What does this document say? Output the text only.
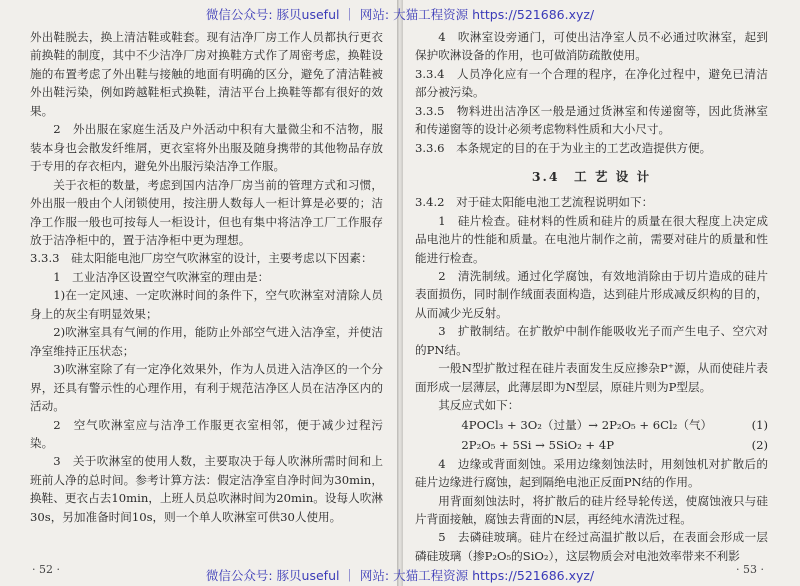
微信公众号: 豚贝useful ｜ 网站: 大猫工程资源 https://521686.xyz/

外出鞋脱去，换上清洁鞋或鞋套。现有洁净厂房工作人员都执行更衣前换鞋的制度，其中不少洁净厂房对换鞋方式作了周密考虑，换鞋设施的布置考虑了外出鞋与接触的地面有明确的区分，避免了清洁鞋被外出鞋污染，例如跨越鞋柜式换鞋，清洁平台上换鞋等都有很好的效果。

2　外出服在家庭生活及户外活动中积有大量微尘和不洁物，服装本身也会散发纤维屑，更衣室将外出服及随身携带的其他物品存放于专用的存衣柜内，避免外出服污染洁净工作服。

关于衣柜的数量，考虑到国内洁净厂房当前的管理方式和习惯，外出服一般由个人闭锁使用，按注册人数每人一柜计算是必要的；洁净工作服一般也可按每人一柜设计，但也有集中将洁净工厂工作服存放于洁净柜中的，置于洁净柜中更为理想。

3.3.3　硅太阳能电池厂房空气吹淋室的设计，主要考虑以下因素：

1　工业洁净区设置空气吹淋室的理由是：

1)在一定风速、一定吹淋时间的条件下，空气吹淋室对清除人员身上的灰尘有明显效果；

2)吹淋室具有气闸的作用，能防止外部空气进入洁净室，并使洁净室维持正压状态；

3)吹淋室除了有一定净化效果外，作为人员进入洁净区的一个分界，还具有警示性的心理作用，有利于规范洁净区人员在洁净区内的活动。

2　空气吹淋室应与洁净工作服更衣室相邻，便于减少过程污染。

3　关于吹淋室的使用人数，主要取决于每人吹淋所需时间和上班前人净的总时间。参考计算方法：假定洁净室自净时间为30min，换鞋、更衣占去10min，上班人员总吹淋时间为20min。设每人吹淋30s，另加准备时间10s，则一个单人吹淋室可供30人使用。

· 52 ·

4　吹淋室设旁通门，可使出洁净室人员不必通过吹淋室，起到保护吹淋设备的作用，也可做消防疏散使用。

3.3.4　人员净化应有一个合理的程序，在净化过程中，避免已清洁部分被污染。

3.3.5　物料进出洁净区一般是通过货淋室和传递窗等，因此货淋室和传递窗等的设计必须考虑物料性质和大小尺寸。

3.3.6　本条规定的目的在于为业主的工艺改造提供方便。

3.4　工 艺 设 计

3.4.2　对于硅太阳能电池工艺流程说明如下：

1　硅片检查。硅材料的性质和硅片的质量在很大程度上决定成品电池片的性能和质量。在电池片制作之前，需要对硅片的质量和性能进行检查。

2　清洗制绒。通过化学腐蚀，有效地消除由于切片造成的硅片表面损伤，同时制作绒面表面构造，达到硅片形成减反织构的目的，从而减少光反射。

3　扩散制结。在扩散炉中制作能吸收光子而产生电子、空穴对的PN结。

一般N型扩散过程在硅片表面发生反应掺杂P⁺源，从而使硅片表面形成一层薄层，此薄层即为N型层，原硅片则为P型层。

其反应式如下：

4POCl₃ + 3O₂（过量）→ 2P₂O₅ + 6Cl₂（气）	(1)
2P₂O₅ + 5Si → 5SiO₂ + 4P	(2)

4　边缘或背面刻蚀。采用边缘刻蚀法时，用刻蚀机对扩散后的硅片边缘进行腐蚀，起到隔绝电池正反面PN结的作用。

用背面刻蚀法时，将扩散后的硅片经导轮传送，使腐蚀液只与硅片背面接触，腐蚀去背面的N层，再经纯水清洗过程。

5　去磷硅玻璃。硅片在经过高温扩散以后，在表面会形成一层磷硅玻璃（掺P₂O₅的SiO₂），这层物质会对电池效率带来不利影

· 53 ·
微信公众号: 豚贝useful ｜ 网站: 大猫工程资源 https://521686.xyz/
